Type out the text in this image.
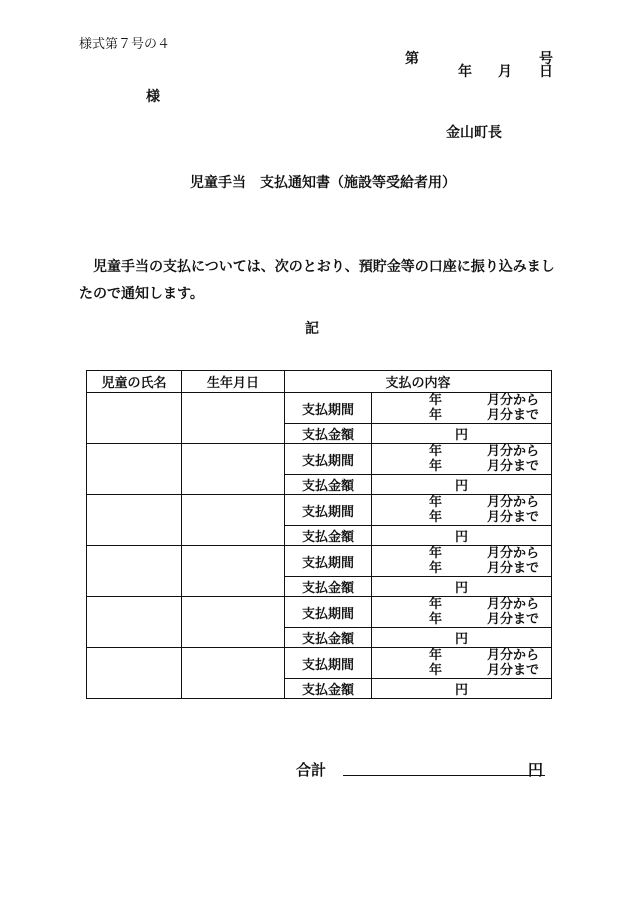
様式第７号の４
第	号
年 月 日
様
金山町長
児童手当　支払通知書（施設等受給者用）
児童手当の支払については、次のとおり、預貯金等の口座に振り込みましたので通知します。
記
児童の氏名	生年月日	支払の内容	
		支払期間	年 月分から
年 月分まで

		支払金額	円
		支払期間	年 月分から
年 月分まで

		支払金額	円
		支払期間	年 月分から
年 月分まで

		支払金額	円
		支払期間	年 月分から
年 月分まで

		支払金額	円
		支払期間	年 月分から
年 月分まで

		支払金額	円
		支払期間	年 月分から
年 月分まで

		支払金額	円
合計	円
